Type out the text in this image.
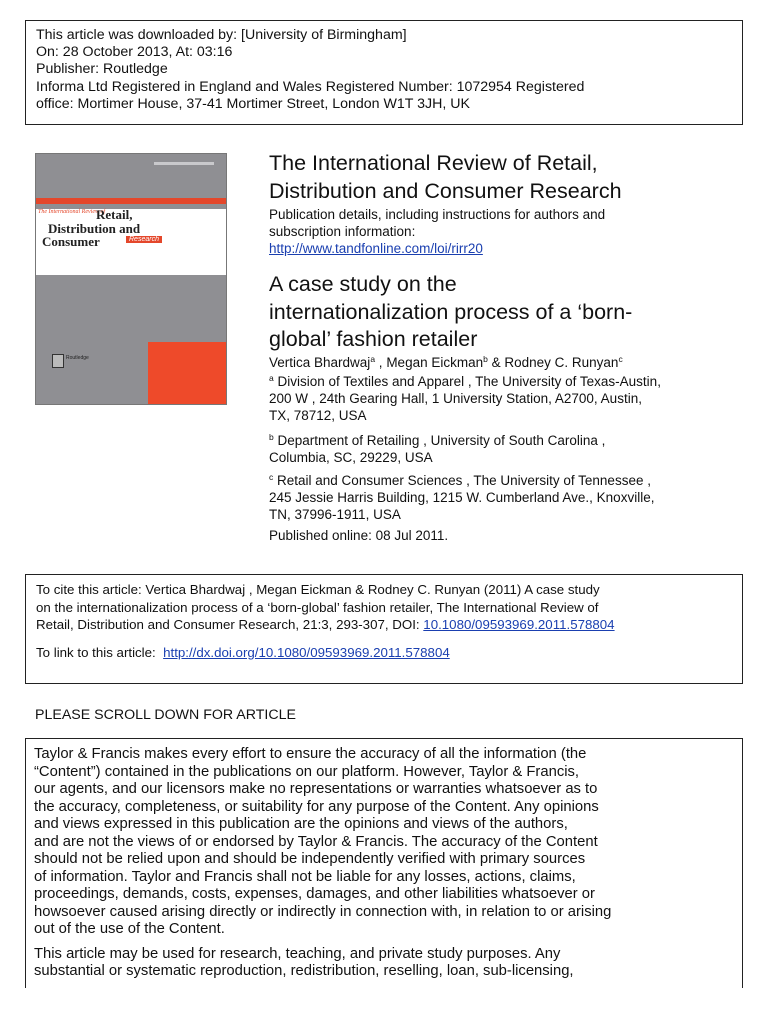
This article was downloaded by: [University of Birmingham]
On: 28 October 2013, At: 03:16
Publisher: Routledge
Informa Ltd Registered in England and Wales Registered Number: 1072954 Registered
office: Mortimer House, 37-41 Mortimer Street, London W1T 3JH, UK
The International Review of
Retail,
Distribution and
Consumer	Research
Routledge
The International Review of Retail,
Distribution and Consumer Research
Publication details, including instructions for authors and
subscription information:
http://www.tandfonline.com/loi/rirr20
A case study on the
internationalization process of a ‘born-
global’ fashion retailer
Vertica Bhardwaj$^a$ , Megan Eickman$^b$ & Rodney C. Runyan$^c$
$^a$ Division of Textiles and Apparel , The University of Texas-Austin,
200 W , 24th Gearing Hall, 1 University Station, A2700, Austin,
TX, 78712, USA
$^b$ Department of Retailing , University of South Carolina ,
Columbia, SC, 29229, USA
$^c$ Retail and Consumer Sciences , The University of Tennessee ,
245 Jessie Harris Building, 1215 W. Cumberland Ave., Knoxville,
TN, 37996-1911, USA
Published online: 08 Jul 2011.
To cite this article: Vertica Bhardwaj , Megan Eickman & Rodney C. Runyan (2011) A case study
on the internationalization process of a ‘born-global’ fashion retailer, The International Review of
Retail, Distribution and Consumer Research, 21:3, 293-307, DOI: 10.1080/09593969.2011.578804
To link to this article: http://dx.doi.org/10.1080/09593969.2011.578804
PLEASE SCROLL DOWN FOR ARTICLE
Taylor & Francis makes every effort to ensure the accuracy of all the information (the
“Content”) contained in the publications on our platform. However, Taylor & Francis,
our agents, and our licensors make no representations or warranties whatsoever as to
the accuracy, completeness, or suitability for any purpose of the Content. Any opinions
and views expressed in this publication are the opinions and views of the authors,
and are not the views of or endorsed by Taylor & Francis. The accuracy of the Content
should not be relied upon and should be independently verified with primary sources
of information. Taylor and Francis shall not be liable for any losses, actions, claims,
proceedings, demands, costs, expenses, damages, and other liabilities whatsoever or
howsoever caused arising directly or indirectly in connection with, in relation to or arising
out of the use of the Content.
This article may be used for research, teaching, and private study purposes. Any
substantial or systematic reproduction, redistribution, reselling, loan, sub-licensing,
